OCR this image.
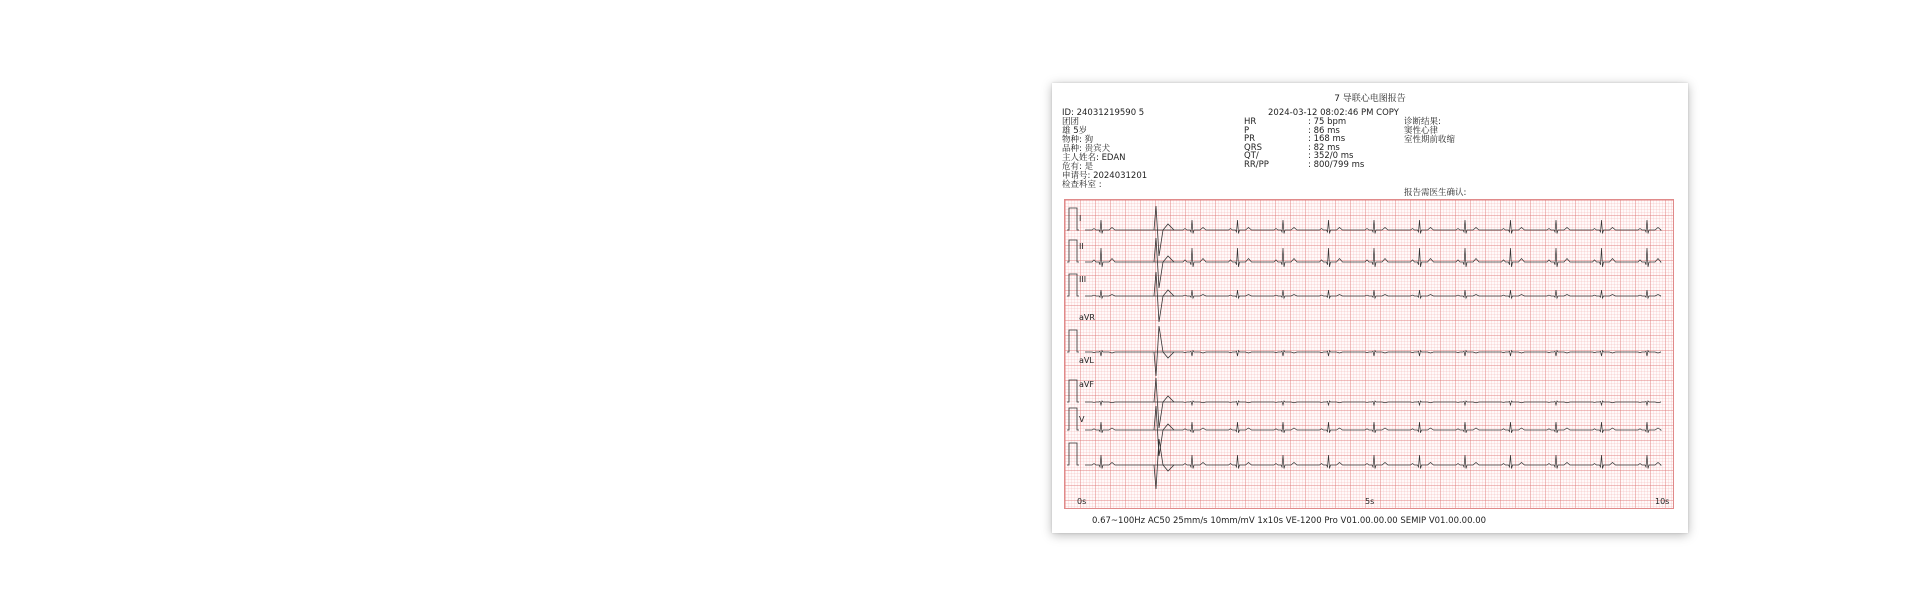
7 导联心电图报告
ID: 24031219590 5
团团
雄 5岁
物种: 狗
品种: 贵宾犬
主人姓名: EDAN
危有: 是
申请号: 2024031201
检查科室 :
2024-03-12 08:02:46 PM COPY
HR	: 75 bpm
P	: 86 ms
PR	: 168 ms
QRS	: 82 ms
QT/	: 352/0 ms
RR/PP	: 800/799 ms
诊断结果:
窦性心律
室性期前收缩
报告需医生确认:
I
II
III
aVR
aVL
aVF
V
0s	5s	10s
0.67~100Hz AC50 25mm/s 10mm/mV 1x10s VE-1200 Pro V01.00.00.00 SEMIP V01.00.00.00
